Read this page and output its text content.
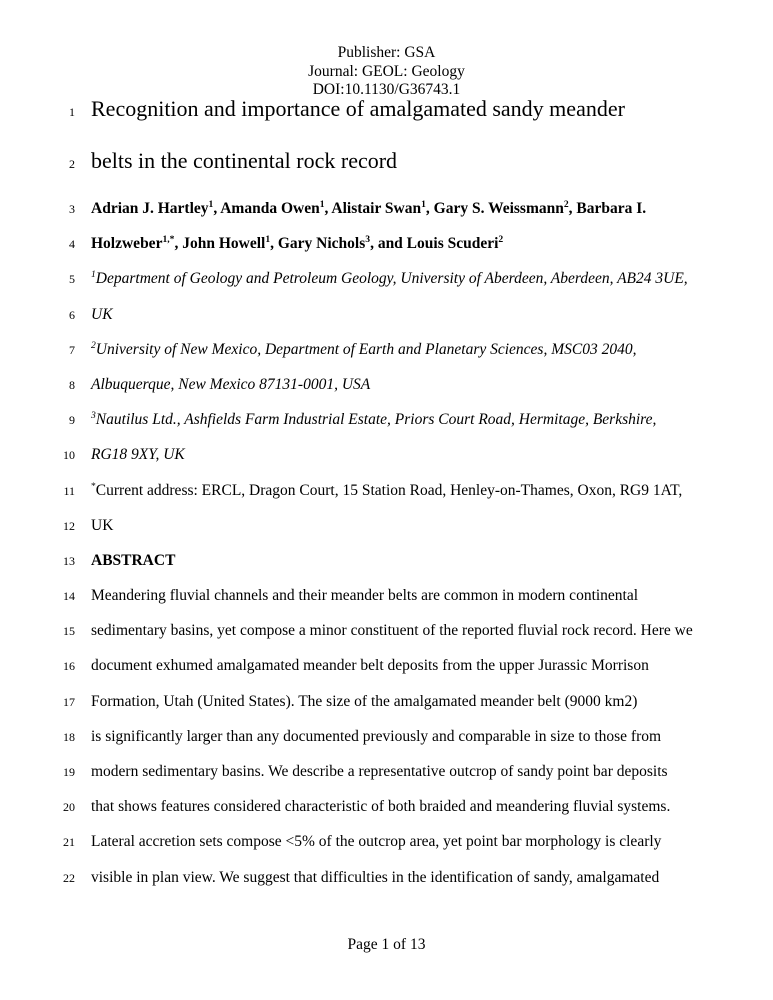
Publisher: GSA
Journal: GEOL: Geology
DOI:10.1130/G36743.1
1 Recognition and importance of amalgamated sandy meander
2 belts in the continental rock record
3 Adrian J. Hartley$^1$, Amanda Owen$^1$, Alistair Swan$^1$, Gary S. Weissmann$^2$, Barbara I.
4 Holzweber$^{1,*}$, John Howell$^1$, Gary Nichols$^3$, and Louis Scuderi$^2$
5 $^1$Department of Geology and Petroleum Geology, University of Aberdeen, Aberdeen, AB24 3UE,
6 UK
7 $^2$University of New Mexico, Department of Earth and Planetary Sciences, MSC03 2040,
8 Albuquerque, New Mexico 87131-0001, USA
9 $^3$Nautilus Ltd., Ashfields Farm Industrial Estate, Priors Court Road, Hermitage, Berkshire,
10 RG18 9XY, UK
11 *Current address: ERCL, Dragon Court, 15 Station Road, Henley-on-Thames, Oxon, RG9 1AT,
12 UK
13 ABSTRACT
14 Meandering fluvial channels and their meander belts are common in modern continental
15 sedimentary basins, yet compose a minor constituent of the reported fluvial rock record. Here we
16 document exhumed amalgamated meander belt deposits from the upper Jurassic Morrison
17 Formation, Utah (United States). The size of the amalgamated meander belt (9000 km2)
18 is significantly larger than any documented previously and comparable in size to those from
19 modern sedimentary basins. We describe a representative outcrop of sandy point bar deposits
20 that shows features considered characteristic of both braided and meandering fluvial systems.
21 Lateral accretion sets compose <5% of the outcrop area, yet point bar morphology is clearly
22 visible in plan view. We suggest that difficulties in the identification of sandy, amalgamated
Page 1 of 13
